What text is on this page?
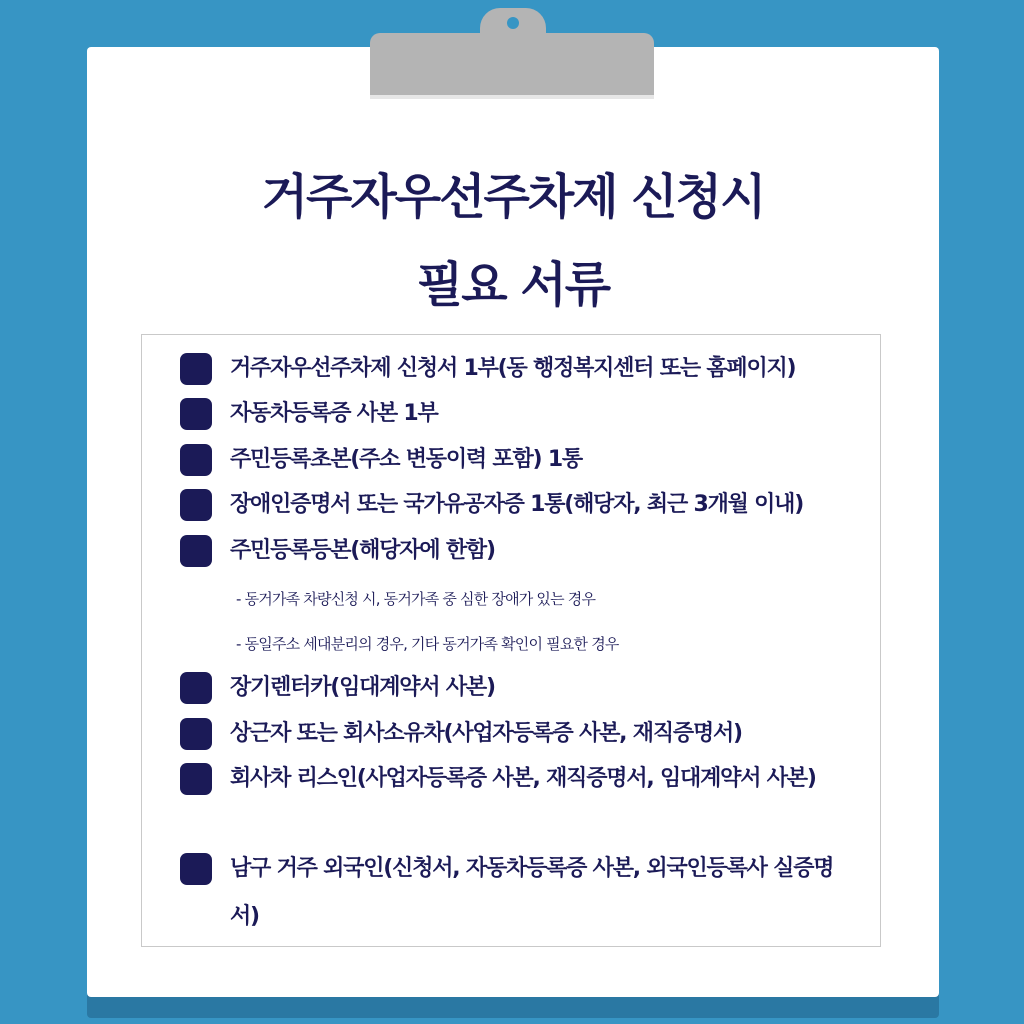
거주자우선주차제 신청시
필요 서류
거주자우선주차제 신청서 1부(동 행정복지센터 또는 홈페이지)
자동차등록증 사본 1부
주민등록초본(주소 변동이력 포함) 1통
장애인증명서 또는 국가유공자증 1통(해당자, 최근 3개월 이내)
주민등록등본(해당자에 한함)
- 동거가족 차량신청 시, 동거가족 중 심한 장애가 있는 경우
- 동일주소 세대분리의 경우, 기타 동거가족 확인이 필요한 경우
장기렌터카(임대계약서 사본)
상근자 또는 회사소유차(사업자등록증 사본, 재직증명서)
회사차 리스인(사업자등록증 사본, 재직증명서, 임대계약서 사본)
남구 거주 외국인(신청서, 자동차등록증 사본, 외국인등록사 실증명서)
